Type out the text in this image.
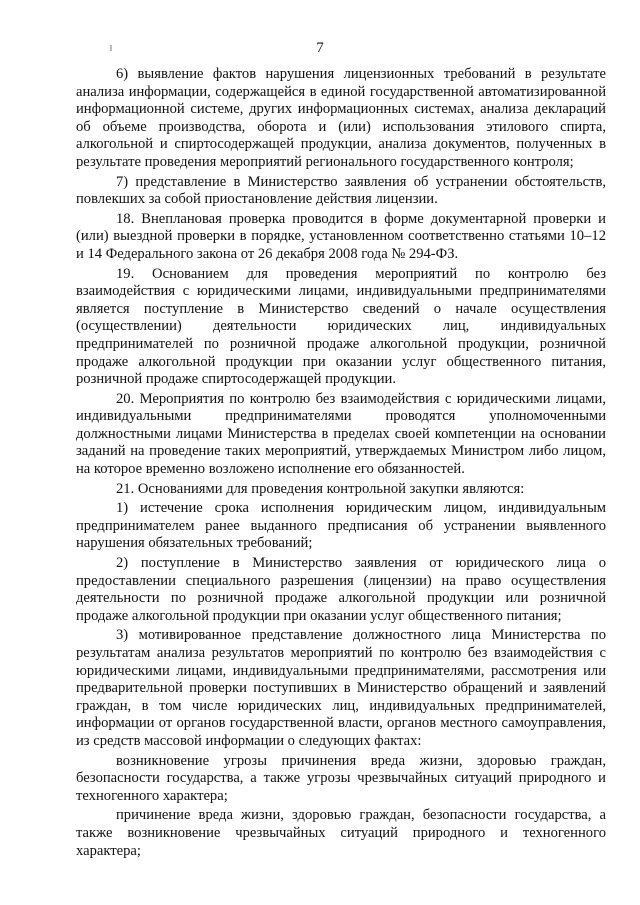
7

6) выявление фактов нарушения лицензионных требований в результате анализа информации, содержащейся в единой государственной автоматизированной информационной системе, других информационных системах, анализа деклараций об объеме производства, оборота и (или) использования этилового спирта, алкогольной и спиртосодержащей продукции, анализа документов, полученных в результате проведения мероприятий регионального государственного контроля;

7) представление в Министерство заявления об устранении обстоятельств, повлекших за собой приостановление действия лицензии.

18. Внеплановая проверка проводится в форме документарной проверки и (или) выездной проверки в порядке, установленном соответственно статьями 10–12 и 14 Федерального закона от 26 декабря 2008 года № 294-ФЗ.

19. Основанием для проведения мероприятий по контролю без взаимодействия с юридическими лицами, индивидуальными предпринимателями является поступление в Министерство сведений о начале осуществления (осуществлении) деятельности юридических лиц, индивидуальных предпринимателей по розничной продаже алкогольной продукции, розничной продаже алкогольной продукции при оказании услуг общественного питания, розничной продаже спиртосодержащей продукции.

20. Мероприятия по контролю без взаимодействия с юридическими лицами, индивидуальными предпринимателями проводятся уполномоченными должностными лицами Министерства в пределах своей компетенции на основании заданий на проведение таких мероприятий, утверждаемых Министром либо лицом, на которое временно возложено исполнение его обязанностей.

21. Основаниями для проведения контрольной закупки являются:

1) истечение срока исполнения юридическим лицом, индивидуальным предпринимателем ранее выданного предписания об устранении выявленного нарушения обязательных требований;

2) поступление в Министерство заявления от юридического лица о предоставлении специального разрешения (лицензии) на право осуществления деятельности по розничной продаже алкогольной продукции или розничной продаже алкогольной продукции при оказании услуг общественного питания;

3) мотивированное представление должностного лица Министерства по результатам анализа результатов мероприятий по контролю без взаимодействия с юридическими лицами, индивидуальными предпринимателями, рассмотрения или предварительной проверки поступивших в Министерство обращений и заявлений граждан, в том числе юридических лиц, индивидуальных предпринимателей, информации от органов государственной власти, органов местного самоуправления, из средств массовой информации о следующих фактах:

возникновение угрозы причинения вреда жизни, здоровью граждан, безопасности государства, а также угрозы чрезвычайных ситуаций природного и техногенного характера;

причинение вреда жизни, здоровью граждан, безопасности государства, а также возникновение чрезвычайных ситуаций природного и техногенного характера;
